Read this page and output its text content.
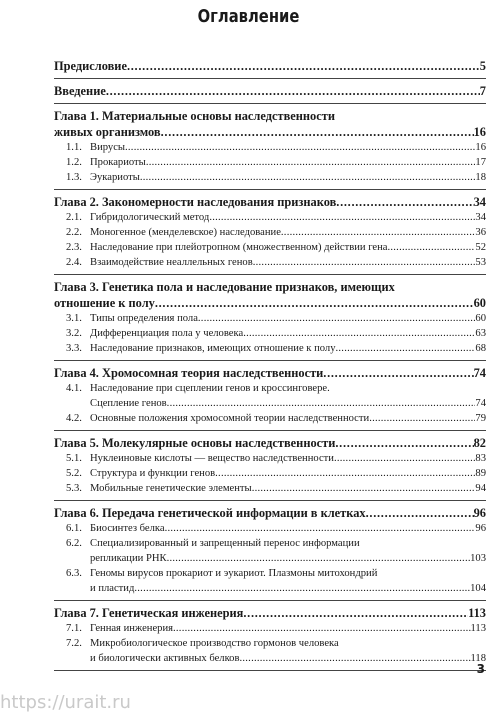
Оглавление
Предисловие . . .	5
Введение . . .	7
Глава 1. Материальные основы наследственности
живых организмов . . .	16
1.1. Вирусы . . .	16
1.2. Прокариоты . . .	17
1.3. Эукариоты . . .	18
Глава 2. Закономерности наследования признаков . . .	34
2.1. Гибридологический метод . . .	34
2.2. Моногенное (менделевское) наследование . . .	36
2.3. Наследование при плейотропном (множественном) действии гена . . .	52
2.4. Взаимодействие неаллельных генов . . .	53
Глава 3. Генетика пола и наследование признаков, имеющих
отношение к полу . . .	60
3.1. Типы определения пола . . .	60
3.2. Дифференциация пола у человека . . .	63
3.3. Наследование признаков, имеющих отношение к полу . . .	68
Глава 4. Хромосомная теория наследственности . . .	74
4.1. Наследование при сцеплении генов и кроссинговере.
Сцепление генов . . .	74
4.2. Основные положения хромосомной теории наследственности . . .	79
Глава 5. Молекулярные основы наследственности . . .	82
5.1. Нуклеиновые кислоты — вещество наследственности . . .	83
5.2. Структура и функции генов . . .	89
5.3. Мобильные генетические элементы . . .	94
Глава 6. Передача генетической информации в клетках . . .	96
6.1. Биосинтез белка . . .	96
6.2. Специализированный и запрещенный перенос информации
репликации РНК . . .	103
6.3. Геномы вирусов прокариот и эукариот. Плазмоны митохондрий
и пластид . . .	104
Глава 7. Генетическая инженерия . . .	113
7.1. Генная инженерия . . .	113
7.2. Микробиологическое производство гормонов человека
и биологически активных белков . . .	118
3
https://urait.ru
